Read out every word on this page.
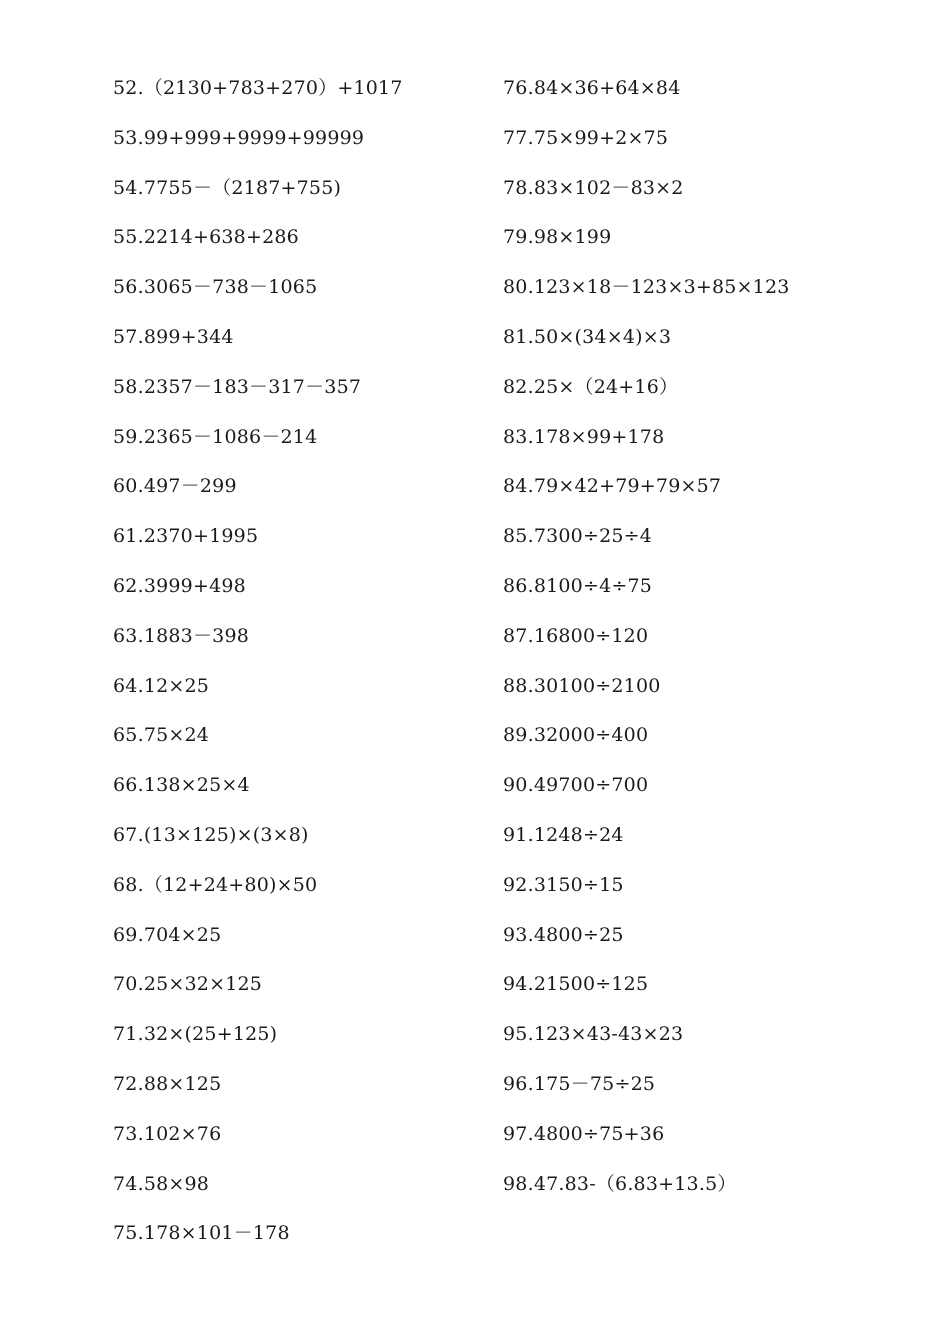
52.（2130+783+270）+1017
53.99+999+9999+99999
54.7755－（2187+755)
55.2214+638+286
56.3065－738－1065
57.899+344
58.2357－183－317－357
59.2365－1086－214
60.497－299
61.2370+1995
62.3999+498
63.1883－398
64.12×25
65.75×24
66.138×25×4
67.(13×125)×(3×8)
68.（12+24+80)×50
69.704×25
70.25×32×125
71.32×(25+125)
72.88×125
73.102×76
74.58×98
75.178×101－178
76.84×36+64×84
77.75×99+2×75
78.83×102－83×2
79.98×199
80.123×18－123×3+85×123
81.50×(34×4)×3
82.25×（24+16）
83.178×99+178
84.79×42+79+79×57
85.7300÷25÷4
86.8100÷4÷75
87.16800÷120
88.30100÷2100
89.32000÷400
90.49700÷700
91.1248÷24
92.3150÷15
93.4800÷25
94.21500÷125
95.123×43-43×23
96.175－75÷25
97.4800÷75+36
98.47.83-（6.83+13.5）
